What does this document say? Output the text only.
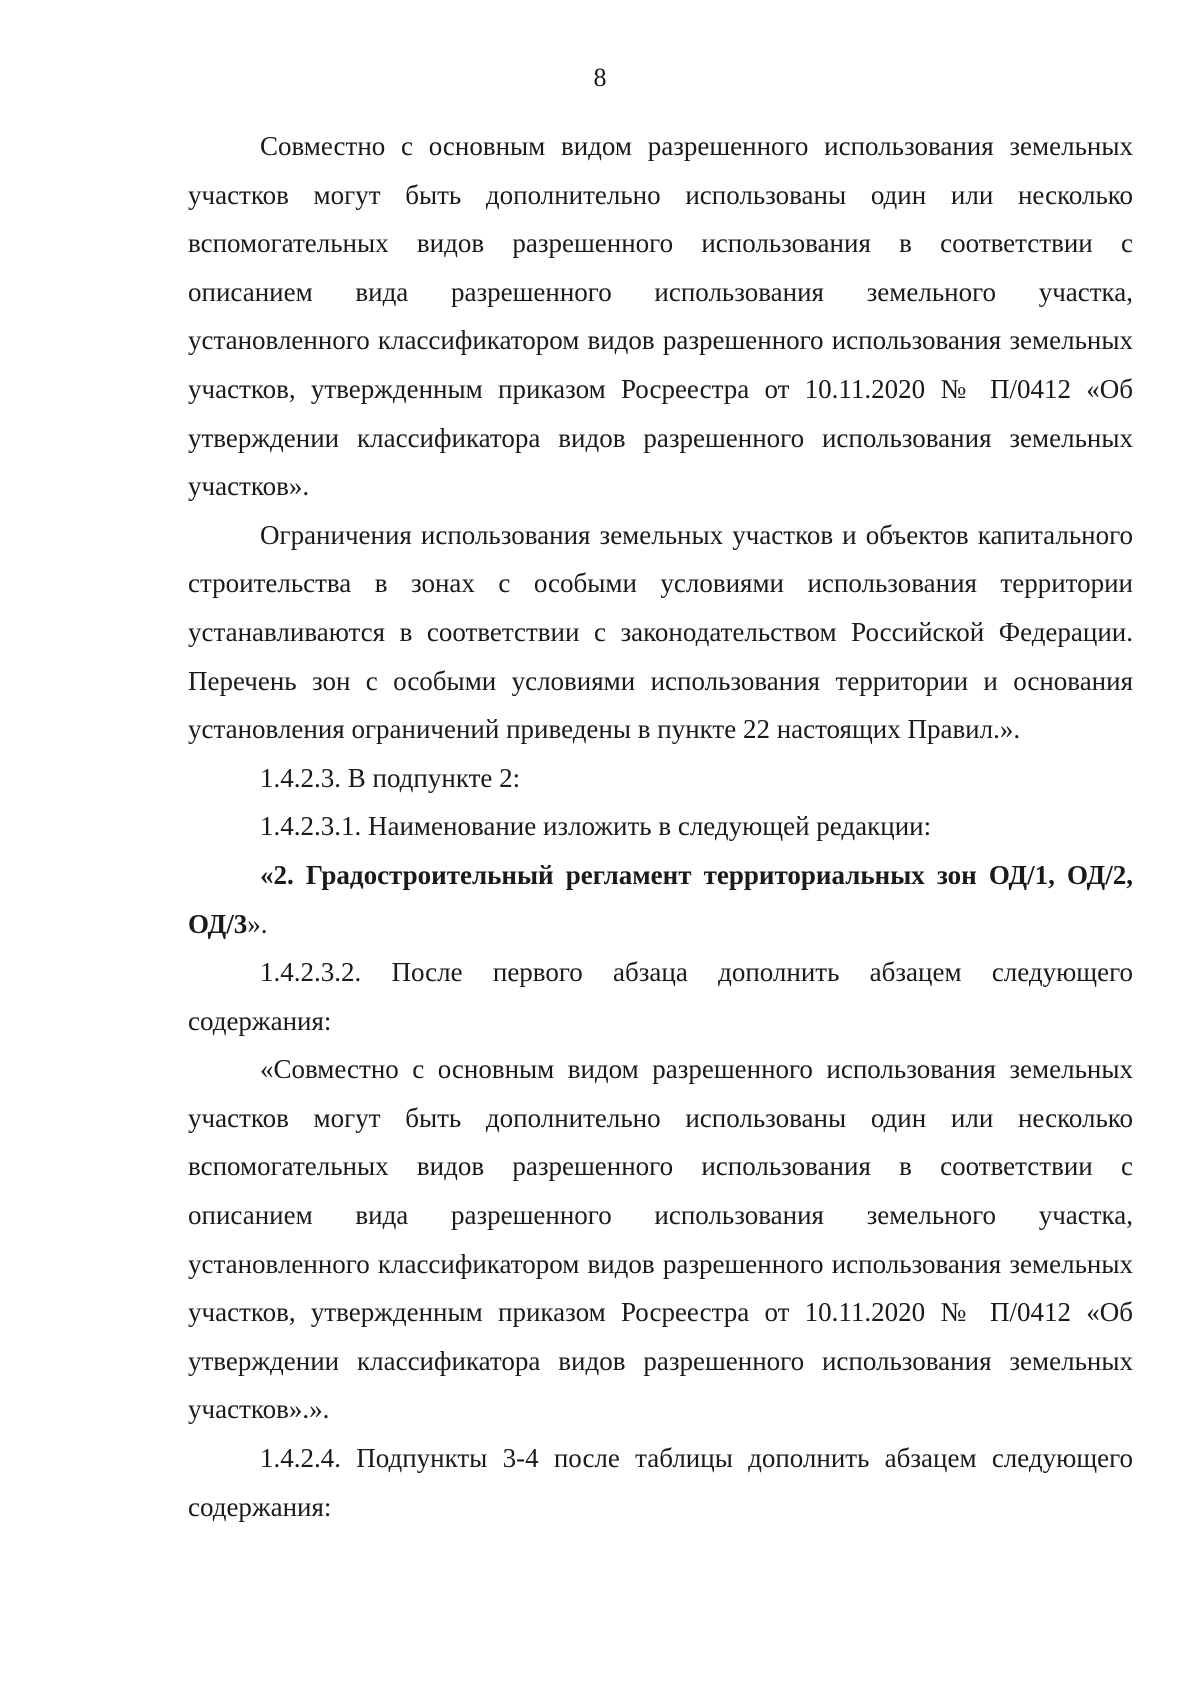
8

Совместно с основным видом разрешенного использования земельных участков могут быть дополнительно использованы один или несколько вспомогательных видов разрешенного использования в соответствии с описанием вида разрешенного использования земельного участка, установленного классификатором видов разрешенного использования земельных участков, утвержденным приказом Росреестра от 10.11.2020 № П/0412 «Об утверждении классификатора видов разрешенного использования земельных участков».

Ограничения использования земельных участков и объектов капитального строительства в зонах с особыми условиями использования территории устанавливаются в соответствии с законодательством Российской Федерации. Перечень зон с особыми условиями использования территории и основания установления ограничений приведены в пункте 22 настоящих Правил.».

1.4.2.3. В подпункте 2:

1.4.2.3.1. Наименование изложить в следующей редакции:

«2. Градостроительный регламент территориальных зон ОД/1, ОД/2, ОД/3».

1.4.2.3.2. После первого абзаца дополнить абзацем следующего содержания:

«Совместно с основным видом разрешенного использования земельных участков могут быть дополнительно использованы один или несколько вспомогательных видов разрешенного использования в соответствии с описанием вида разрешенного использования земельного участка, установленного классификатором видов разрешенного использования земельных участков, утвержденным приказом Росреестра от 10.11.2020 № П/0412 «Об утверждении классификатора видов разрешенного использования земельных участков».».

1.4.2.4. Подпункты 3-4 после таблицы дополнить абзацем следующего содержания:
